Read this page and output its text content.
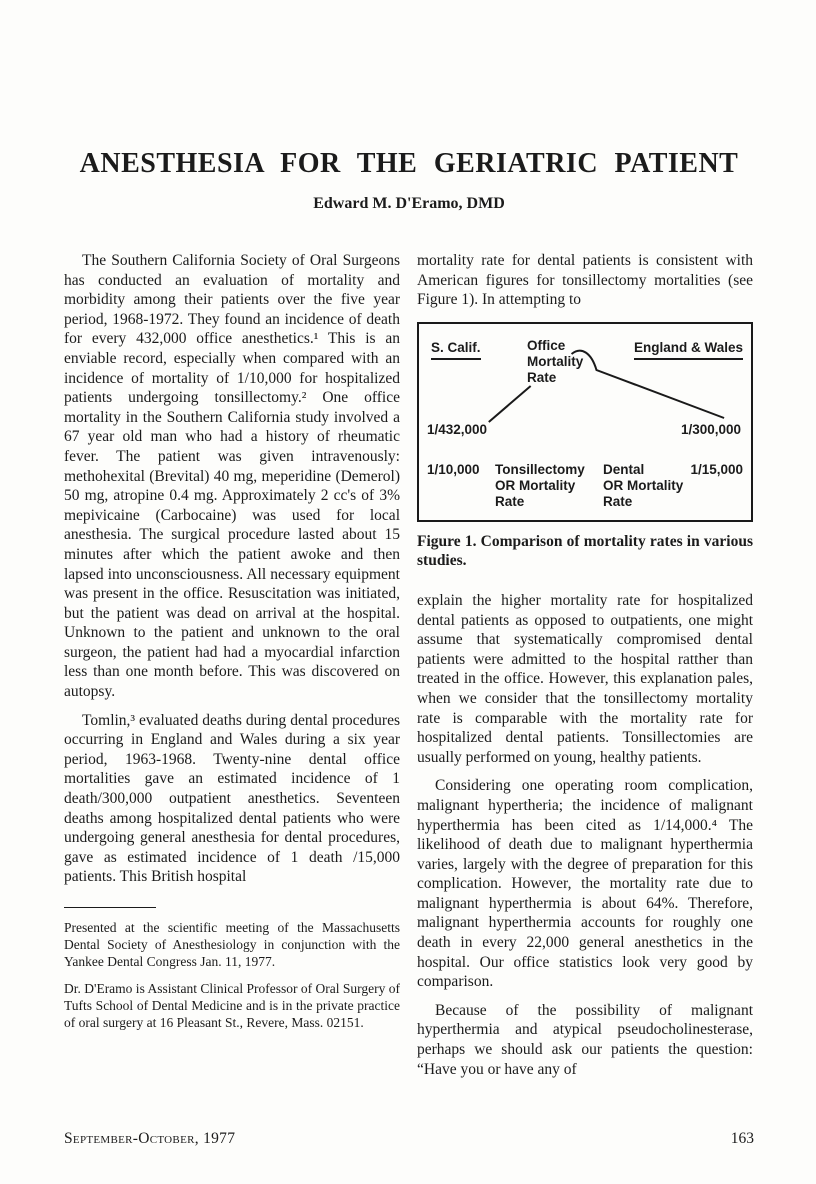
ANESTHESIA FOR THE GERIATRIC PATIENT
Edward M. D'Eramo, DMD

The Southern California Society of Oral Surgeons has conducted an evaluation of mortality and morbidity among their patients over the five year period, 1968-1972. They found an incidence of death for every 432,000 office anesthetics.¹ This is an enviable record, especially when compared with an incidence of mortality of 1/10,000 for hospitalized patients undergoing tonsillectomy.² One office mortality in the Southern California study involved a 67 year old man who had a history of rheumatic fever. The patient was given intravenously: methohexital (Brevital) 40 mg, meperidine (Demerol) 50 mg, atropine 0.4 mg. Approximately 2 cc's of 3% mepivicaine (Carbocaine) was used for local anesthesia. The surgical procedure lasted about 15 minutes after which the patient awoke and then lapsed into unconsciousness. All necessary equipment was present in the office. Resuscitation was initiated, but the patient was dead on arrival at the hospital. Unknown to the patient and unknown to the oral surgeon, the patient had had a myocardial infarction less than one month before. This was discovered on autopsy.

Tomlin,³ evaluated deaths during dental procedures occurring in England and Wales during a six year period, 1963-1968. Twenty-nine dental office mortalities gave an estimated incidence of 1 death/300,000 outpatient anesthetics. Seventeen deaths among hospitalized dental patients who were undergoing general anesthesia for dental procedures, gave as estimated incidence of 1 death /15,000 patients. This British hospital

Presented at the scientific meeting of the Massachusetts Dental Society of Anesthesiology in conjunction with the Yankee Dental Congress Jan. 11, 1977.

Dr. D'Eramo is Assistant Clinical Professor of Oral Surgery of Tufts School of Dental Medicine and is in the private practice of oral surgery at 16 Pleasant St., Revere, Mass. 02151.

mortality rate for dental patients is consistent with American figures for tonsillectomy mortalities (see Figure 1). In attempting to

S. Calif.	Office
Mortality
Rate
England & Wales
1/432,000	1/300,000
1/10,000 Tonsillectomy
OR Mortality
Rate
Dental
OR Mortality
Rate
1/15,000

Figure 1. Comparison of mortality rates in various studies.

explain the higher mortality rate for hospitalized dental patients as opposed to outpatients, one might assume that systematically compromised dental patients were admitted to the hospital ratther than treated in the office. However, this explanation pales, when we consider that the tonsillectomy mortality rate is comparable with the mortality rate for hospitalized dental patients. Tonsillectomies are usually performed on young, healthy patients.

Considering one operating room complication, malignant hypertheria; the incidence of malignant hyperthermia has been cited as 1/14,000.⁴ The likelihood of death due to malignant hyperthermia varies, largely with the degree of preparation for this complication. However, the mortality rate due to malignant hyperthermia is about 64%. Therefore, malignant hyperthermia accounts for roughly one death in every 22,000 general anesthetics in the hospital. Our office statistics look very good by comparison.

Because of the possibility of malignant hyperthermia and atypical pseudocholinesterase, perhaps we should ask our patients the question: “Have you or have any of

September-October, 1977	163
